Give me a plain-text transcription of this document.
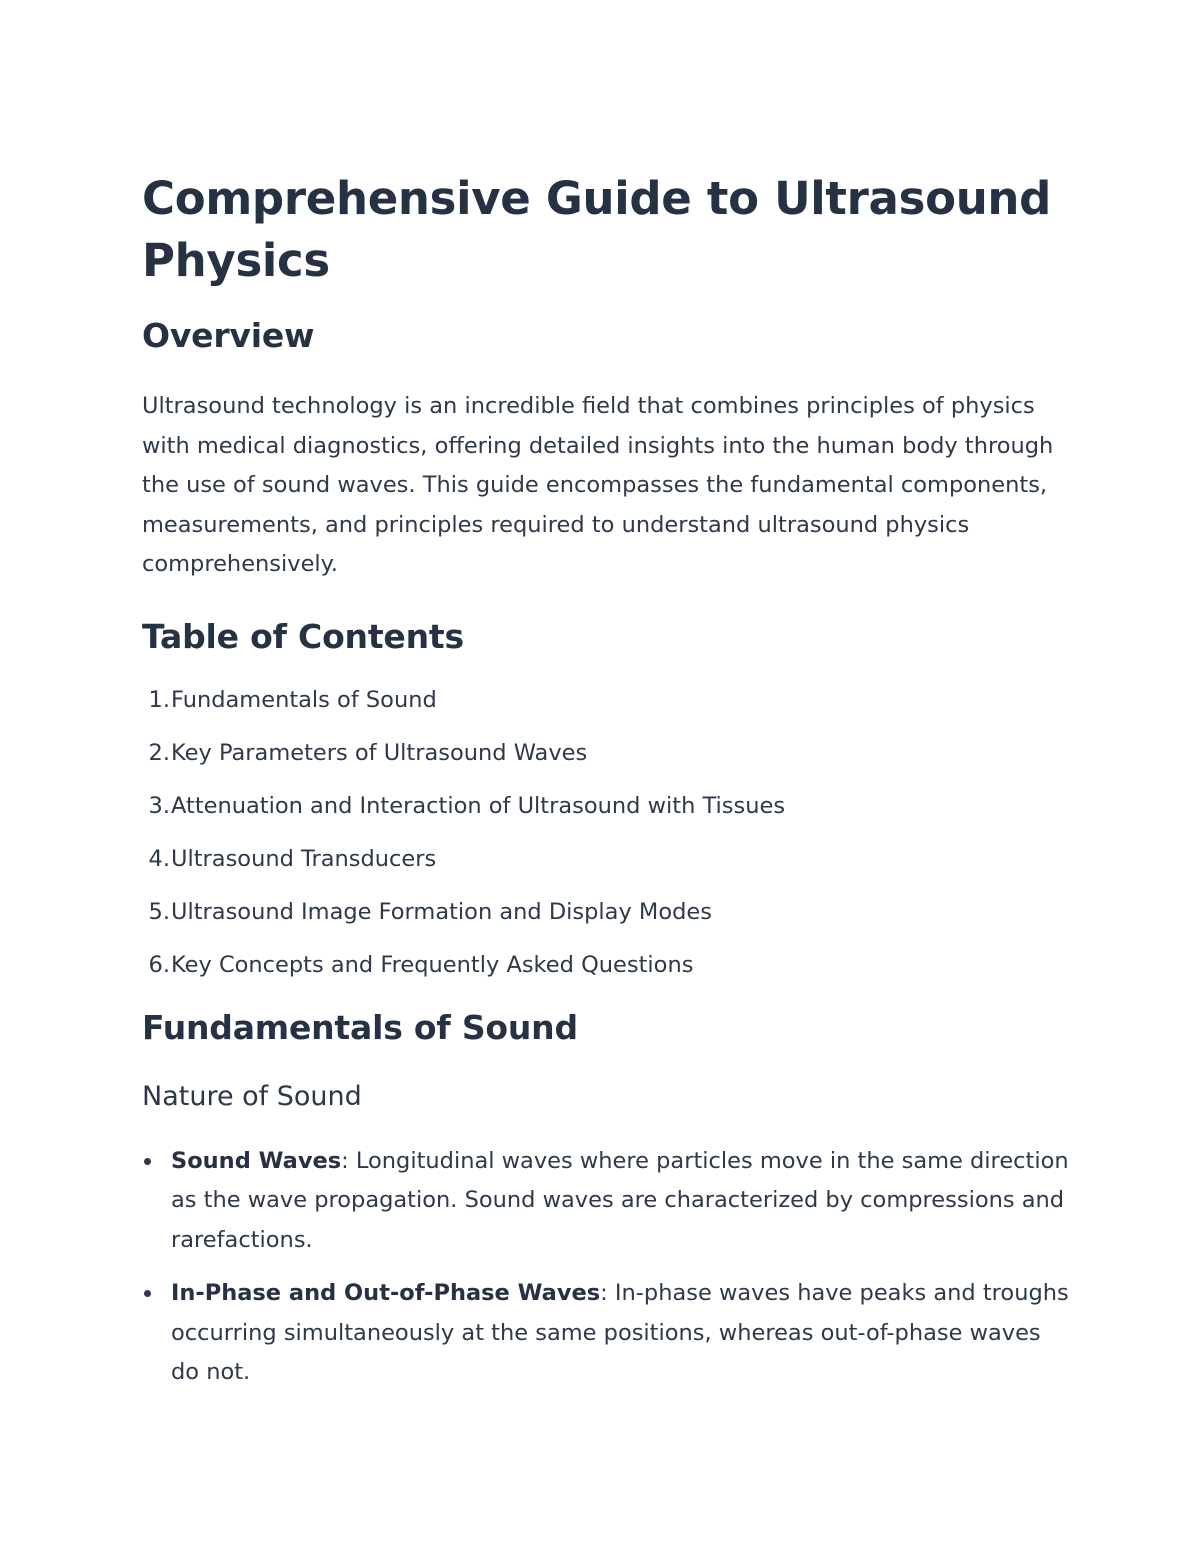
Comprehensive Guide to Ultrasound Physics
Overview

Ultrasound technology is an incredible field that combines principles of physics with medical diagnostics, offering detailed insights into the human body through the use of sound waves. This guide encompasses the fundamental components, measurements, and principles required to understand ultrasound physics comprehensively.

Table of Contents
1. Fundamentals of Sound
2. Key Parameters of Ultrasound Waves
3. Attenuation and Interaction of Ultrasound with Tissues
4. Ultrasound Transducers
5. Ultrasound Image Formation and Display Modes
6. Key Concepts and Frequently Asked Questions
Fundamentals of Sound
Nature of Sound
Sound Waves: Longitudinal waves where particles move in the same direction as the wave propagation. Sound waves are characterized by compressions and rarefactions.
In-Phase and Out-of-Phase Waves: In-phase waves have peaks and troughs occurring simultaneously at the same positions, whereas out-of-phase waves do not.
